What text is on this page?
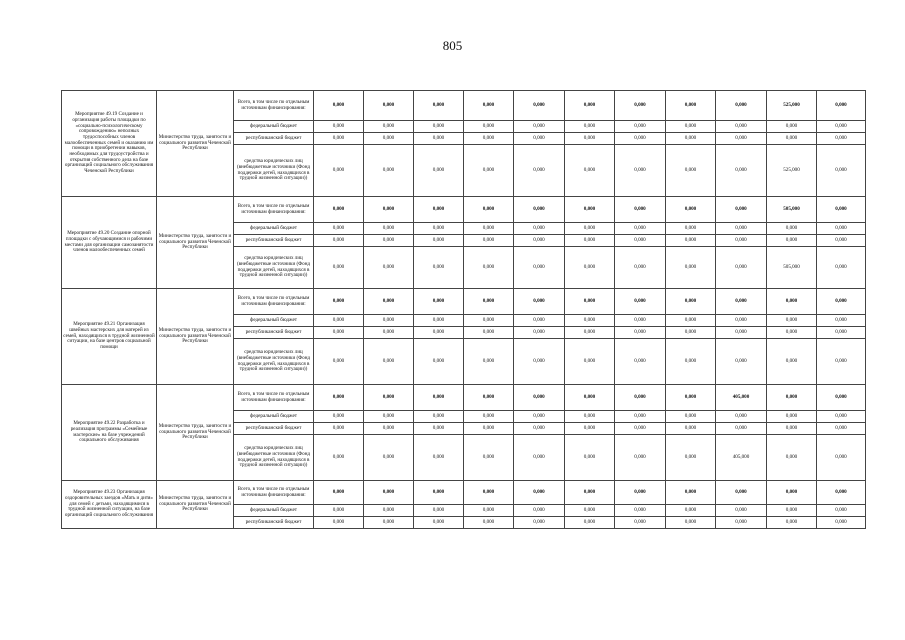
805
Мероприятие 49.19 Создание и организация работы площадки по «социально-психологическому сопровождению» неполных трудоспособных членов малообеспеченных семей и оказанию им помощи в приобретении навыков, необходимых для трудоустройства и открытия собственного дела на базе организаций социального обслуживания Чеченской Республики	Министерство труда, занятости и социального развития Чеченской Республики	Всего, в том числе по отдельным источникам финансирования:	0,000	0,000	0,000	0,000	0,000	0,000	0,000	0,000	0,000	525,000	0,000
		федеральный бюджет	0,000	0,000	0,000	0,000	0,000	0,000	0,000	0,000	0,000	0,000	0,000
		республиканский бюджет	0,000	0,000	0,000	0,000	0,000	0,000	0,000	0,000	0,000	0,000	0,000
		средства юридических лиц (внебюджетные источники (Фонд поддержки детей, находящихся в трудной жизненной ситуации))	0,000	0,000	0,000	0,000	0,000	0,000	0,000	0,000	0,000	525,000	0,000
Мероприятие 49.20 Создание опорной площадки с обучающимися и рабочими местами для организации самозанятости членов малообеспеченных семей	Министерство труда, занятости и социального развития Чеченской Республики	Всего, в том числе по отдельным источникам финансирования:	0,000	0,000	0,000	0,000	0,000	0,000	0,000	0,000	0,000	505,000	0,000
		федеральный бюджет	0,000	0,000	0,000	0,000	0,000	0,000	0,000	0,000	0,000	0,000	0,000
		республиканский бюджет	0,000	0,000	0,000	0,000	0,000	0,000	0,000	0,000	0,000	0,000	0,000
		средства юридических лиц (внебюджетные источники (Фонд поддержки детей, находящихся в трудной жизненной ситуации))	0,000	0,000	0,000	0,000	0,000	0,000	0,000	0,000	0,000	505,000	0,000
Мероприятие 49.21 Организация швейных мастерских для матерей из семей, находящихся в трудной жизненной ситуации, на базе центров социальной помощи	Министерство труда, занятости и социального развития Чеченской Республики	Всего, в том числе по отдельным источникам финансирования:	0,000	0,000	0,000	0,000	0,000	0,000	0,000	0,000	0,000	0,000	0,000
		федеральный бюджет	0,000	0,000	0,000	0,000	0,000	0,000	0,000	0,000	0,000	0,000	0,000
		республиканский бюджет	0,000	0,000	0,000	0,000	0,000	0,000	0,000	0,000	0,000	0,000	0,000
		средства юридических лиц (внебюджетные источники (Фонд поддержки детей, находящихся в трудной жизненной ситуации))	0,000	0,000	0,000	0,000	0,000	0,000	0,000	0,000	0,000	0,000	0,000
Мероприятие 49.22 Разработка и реализация программы «Семейные мастерские» на базе учреждений социального обслуживания	Министерство труда, занятости и социального развития Чеченской Республики	Всего, в том числе по отдельным источникам финансирования:	0,000	0,000	0,000	0,000	0,000	0,000	0,000	0,000	405,000	0,000	0,000
		федеральный бюджет	0,000	0,000	0,000	0,000	0,000	0,000	0,000	0,000	0,000	0,000	0,000
		республиканский бюджет	0,000	0,000	0,000	0,000	0,000	0,000	0,000	0,000	0,000	0,000	0,000
		средства юридических лиц (внебюджетные источники (Фонд поддержки детей, находящихся в трудной жизненной ситуации))	0,000	0,000	0,000	0,000	0,000	0,000	0,000	0,000	405,000	0,000	0,000
Мероприятие 49.23 Организация оздоровительных заездов «Мать и дитя» для семей с детьми, находящимися в трудной жизненной ситуации, на базе организаций социального обслуживания	Министерство труда, занятости и социального развития Чеченской Республики	Всего, в том числе по отдельным источникам финансирования:	0,000	0,000	0,000	0,000	0,000	0,000	0,000	0,000	0,000	0,000	0,000
		федеральный бюджет	0,000	0,000	0,000	0,000	0,000	0,000	0,000	0,000	0,000	0,000	0,000
		республиканский бюджет	0,000	0,000	0,000	0,000	0,000	0,000	0,000	0,000	0,000	0,000	0,000
